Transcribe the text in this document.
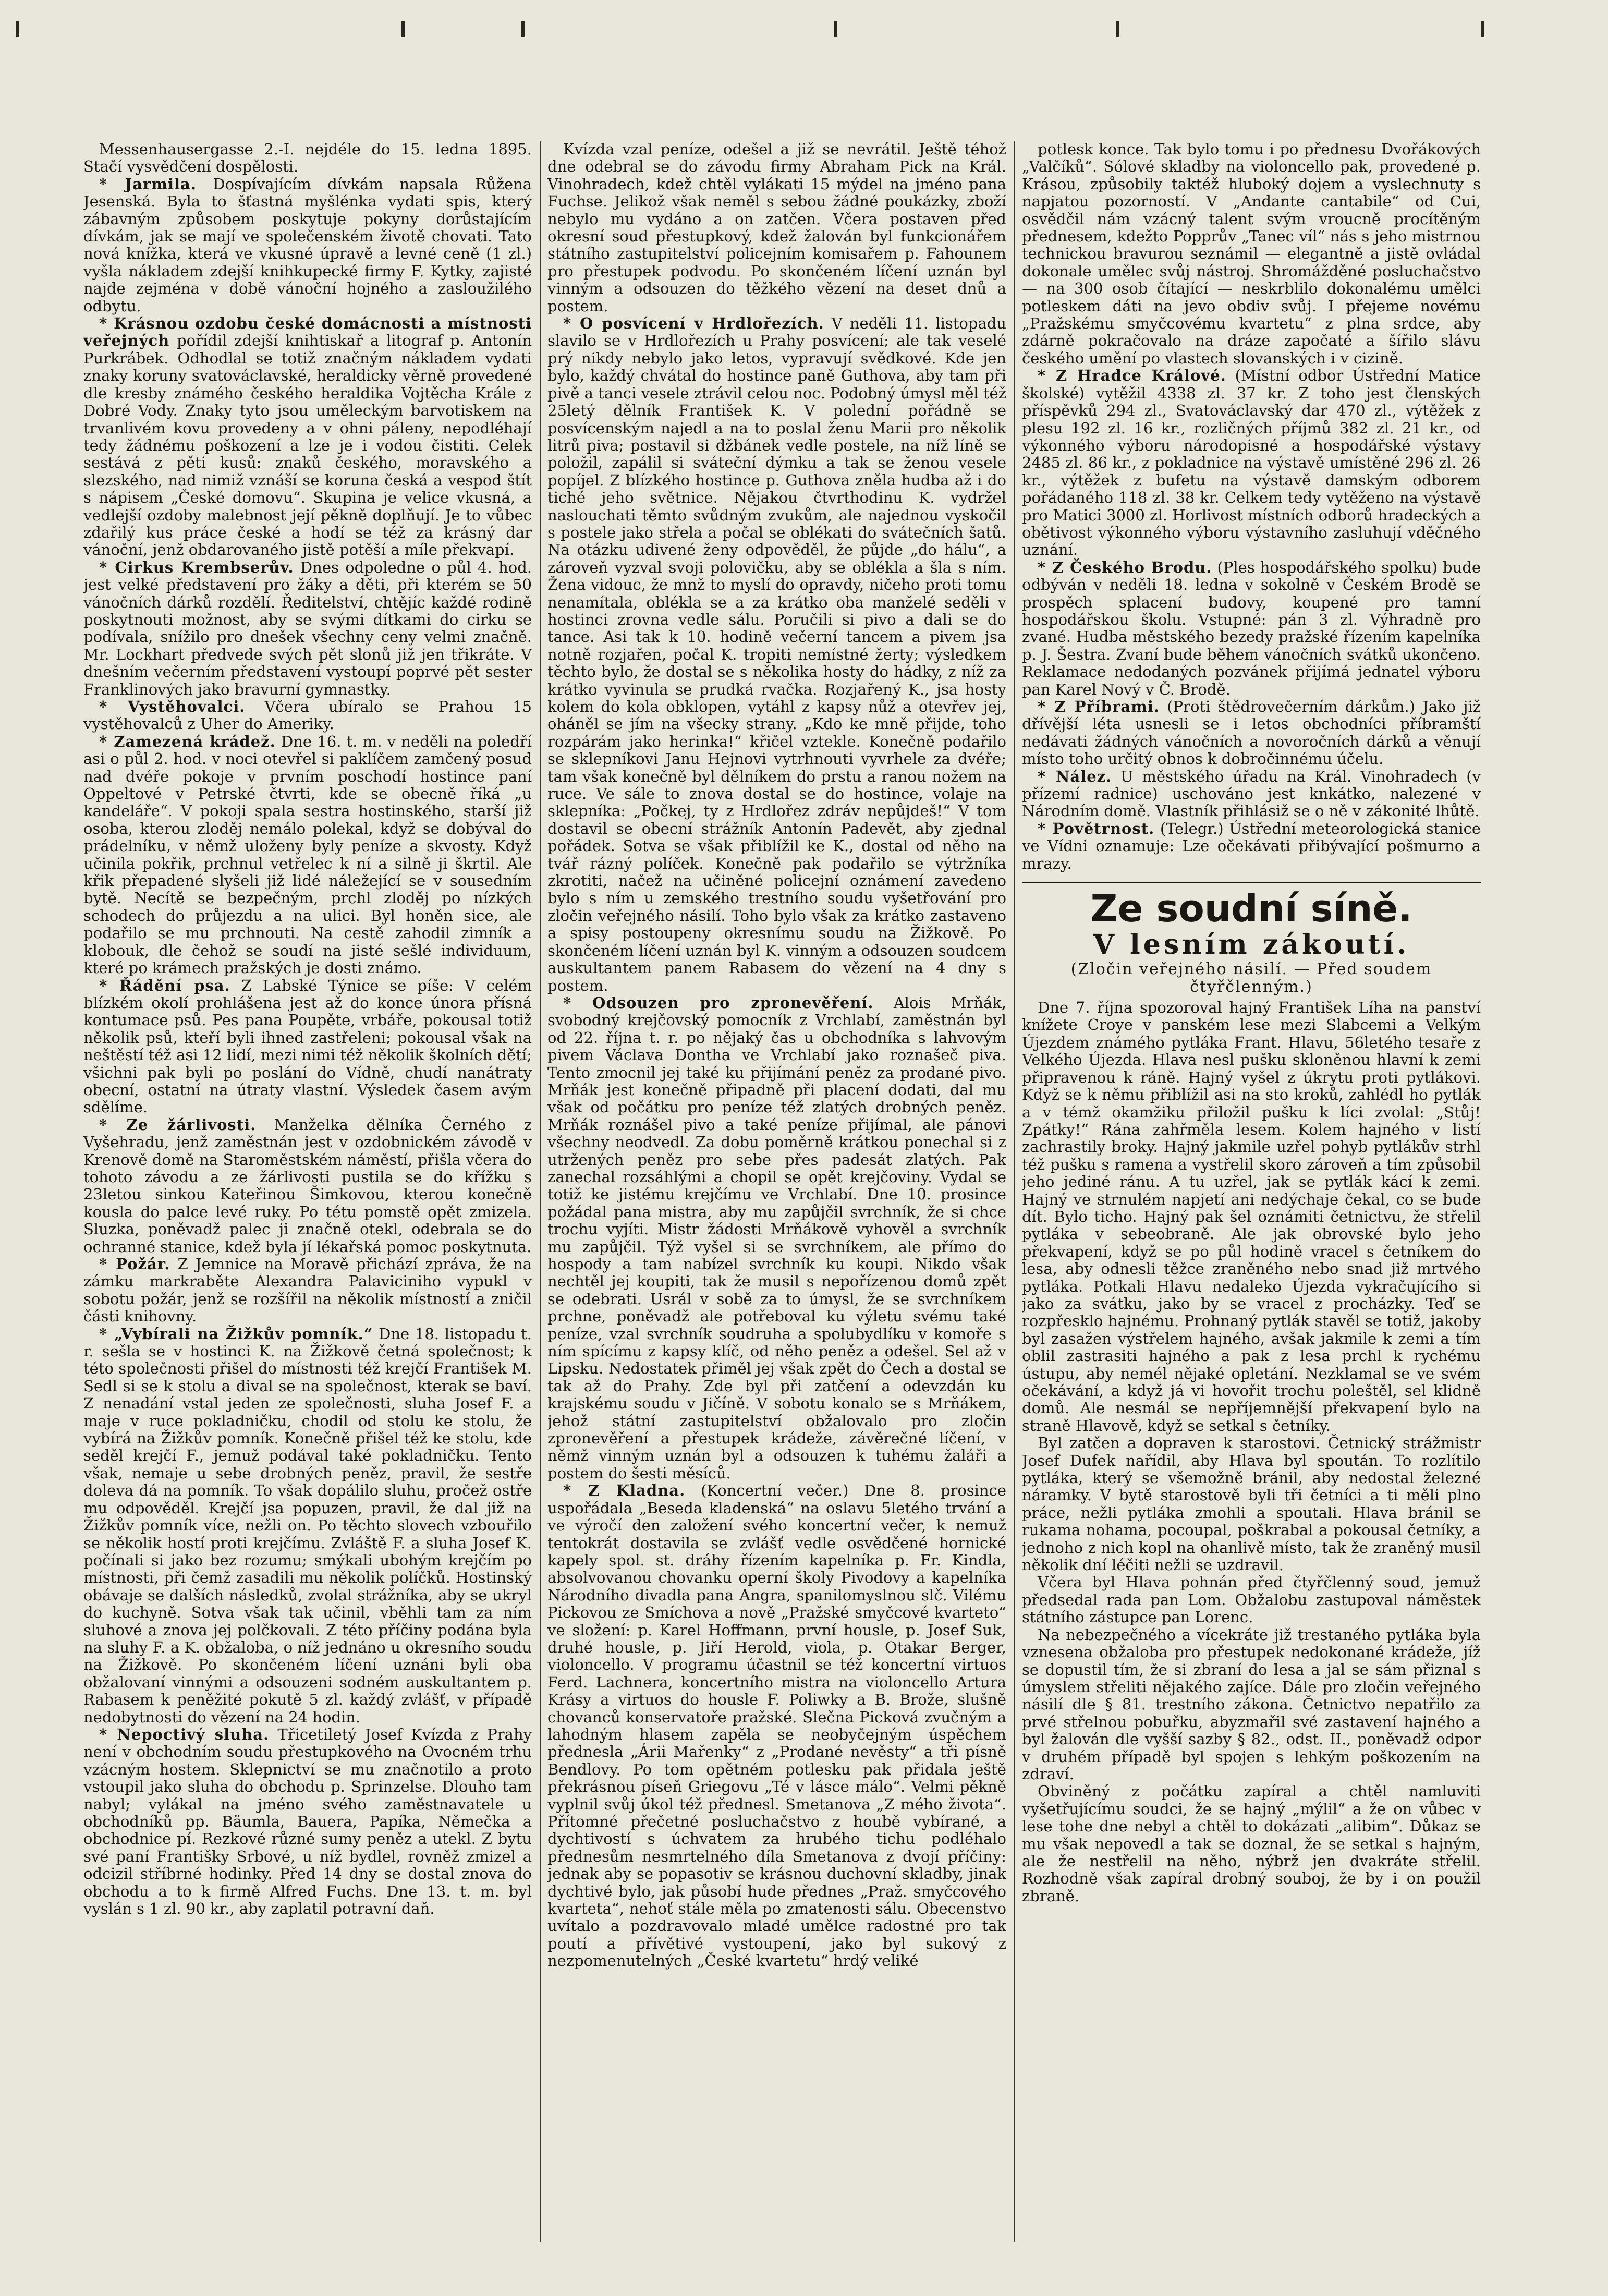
Messenhausergasse 2.-I. nejdéle do 15. ledna 1895. Stačí vysvědčení dospělosti.

* Jarmila. Dospívajícím dívkám napsala Růžena Jesenská. Byla to šťastná myšlénka vydati spis, který zábavným způsobem poskytuje pokyny dorůstajícím dívkám, jak se mají ve společenském životě chovati. Tato nová knížka, která ve vkusné úpravě a levné ceně (1 zl.) vyšla nákladem zdejší knihkupecké firmy F. Kytky, zajisté najde zejména v době vánoční hojného a zasloužilého odbytu.

* Krásnou ozdobu české domácnosti a místnosti veřejných pořídil zdejší knihtiskař a litograf p. Antonín Purkrábek. Odhodlal se totiž značným nákladem vydati znaky koruny svatováclavské, heraldicky věrně provedené dle kresby známého českého heraldika Vojtěcha Krále z Dobré Vody. Znaky tyto jsou uměleckým barvotiskem na trvanlivém kovu provedeny a v ohni páleny, nepodléhají tedy žádnému poškození a lze je i vodou čistiti. Celek sestává z pěti kusů: znaků českého, moravského a slezského, nad nimiž vznáší se koruna česká a vespod štít s nápisem „České domovu“. Skupina je velice vkusná, a vedlejší ozdoby malebnost její pěkně doplňují. Je to vůbec zdařilý kus práce české a hodí se též za krásný dar vánoční, jenž obdarovaného jistě potěší a míle překvapí.

* Cirkus Krembserův. Dnes odpoledne o půl 4. hod. jest velké představení pro žáky a děti, při kterém se 50 vánočních dárků rozdělí. Ředitelství, chtějíc každé rodině poskytnouti možnost, aby se svými dítkami do cirku se podívala, snížilo pro dnešek všechny ceny velmi značně. Mr. Lockhart předvede svých pět slonů již jen třikráte. V dnešním večerním představení vystoupí poprvé pět sester Franklinových jako bravurní gymnastky.

* Vystěhovalci. Včera ubíralo se Prahou 15 vystěhovalců z Uher do Ameriky.

* Zamezená krádež. Dne 16. t. m. v neděli na poledří asi o půl 2. hod. v noci otevřel si paklíčem zamčený posud nad dvéře pokoje v prvním poschodí hostince paní Oppeltové v Petrské čtvrti, kde se obecně říká „u kandeláře“. V pokoji spala sestra hostinského, starší již osoba, kterou zloděj nemálo polekal, když se dobýval do prádelníku, v němž uloženy byly peníze a skvosty. Když učinila pokřik, prchnul vetřelec k ní a silně ji škrtil. Ale křik přepadené slyšeli již lidé náležející se v sousedním bytě. Necítě se bezpečným, prchl zloděj po nízkých schodech do průjezdu a na ulici. Byl honěn sice, ale podařilo se mu prchnouti. Na cestě zahodil zimník a klobouk, dle čehož se soudí na jisté sešlé individuum, které po krámech pražských je dosti známo.

* Řádění psa. Z Labské Týnice se píše: V celém blízkém okolí prohlášena jest až do konce února přísná kontumace psů. Pes pana Poupěte, vrbáře, pokousal totiž několik psů, kteří byli ihned zastřeleni; pokousal však na neštěstí též asi 12 lidí, mezi nimi též několik školních dětí; všichni pak byli po poslání do Vídně, chudí nanátraty obecní, ostatní na útraty vlastní. Výsledek časem avým sdělíme.

* Ze žárlivosti. Manželka dělníka Černého z Vyšehradu, jenž zaměstnán jest v ozdobnickém závodě v Krenově domě na Staroměstském náměstí, přišla včera do tohoto závodu a ze žárlivosti pustila se do křížku s 23letou sinkou Kateřinou Šimkovou, kterou konečně kousla do palce levé ruky. Po tétu pomstě opět zmizela. Sluzka, poněvadž palec ji značně otekl, odebrala se do ochranné stanice, kdež byla jí lékařská pomoc poskytnuta.

* Požár. Z Jemnice na Moravě přichází zpráva, že na zámku markraběte Alexandra Palaviciniho vypukl v sobotu požár, jenž se rozšířil na několik místností a zničil části knihovny.

* „Vybírali na Žižkův pomník.“ Dne 18. listopadu t. r. sešla se v hostinci K. na Žižkově četná společnost; k této společnosti přišel do místnosti též krejčí František M. Sedl si se k stolu a dival se na společnost, kterak se baví. Z nenadání vstal jeden ze společnosti, sluha Josef F. a maje v ruce pokladničku, chodil od stolu ke stolu, že vybírá na Žižkův pomník. Konečně přišel též ke stolu, kde seděl krejčí F., jemuž podával také pokladničku. Tento však, nemaje u sebe drobných peněz, pravil, že sestře doleva dá na pomník. To však dopálilo sluhu, pročež ostře mu odpověděl. Krejčí jsa popuzen, pravil, že dal již na Žižkův pomník více, nežli on. Po těchto slovech vzbouřilo se několik hostí proti krejčímu. Zvláště F. a sluha Josef K. počínali si jako bez rozumu; smýkali ubohým krejčím po místnosti, při čemž zasadili mu několik políčků. Hostinský obávaje se dalších následků, zvolal strážníka, aby se ukryl do kuchyně. Sotva však tak učinil, vběhli tam za ním sluhové a znova jej polčkovali. Z této příčiny podána byla na sluhy F. a K. obžaloba, o níž jednáno u okresního soudu na Žižkově. Po skončeném líčení uznáni byli oba obžalovaní vinnými a odsouzeni sodném auskultantem p. Rabasem k peněžité pokutě 5 zl. každý zvlášť, v případě nedobytnosti do vězení na 24 hodin.

* Nepoctivý sluha. Třicetiletý Josef Kvízda z Prahy není v obchodním soudu přestupkového na Ovocném trhu vzácným hostem. Sklepnictví se mu značnotilo a proto vstoupil jako sluha do obchodu p. Sprinzelse. Dlouho tam nabyl; vylákal na jméno svého zaměstnavatele u obchodníků pp. Bäumla, Bauera, Papíka, Němečka a obchodnice pí. Rezkové různé sumy peněz a utekl. Z bytu své paní Františky Srbové, u níž bydlel, rovněž zmizel a odcizil stříbrné hodinky. Před 14 dny se dostal znova do obchodu a to k firmě Alfred Fuchs. Dne 13. t. m. byl vyslán s 1 zl. 90 kr., aby zaplatil potravní daň.

Kvízda vzal peníze, odešel a již se nevrátil. Ještě téhož dne odebral se do závodu firmy Abraham Pick na Král. Vinohradech, kdež chtěl vylákati 15 mýdel na jméno pana Fuchse. Jelikož však neměl s sebou žádné poukázky, zboží nebylo mu vydáno a on zatčen. Včera postaven před okresní soud přestupkový, kdež žalován byl funkcionářem státního zastupitelství policejním komisařem p. Fahounem pro přestupek podvodu. Po skončeném líčení uznán byl vinným a odsouzen do těžkého vězení na deset dnů a postem.

* O posvícení v Hrdlořezích. V neděli 11. listopadu slavilo se v Hrdlořezích u Prahy posvícení; ale tak veselé prý nikdy nebylo jako letos, vypravují svědkové. Kde jen bylo, každý chvátal do hostince paně Guthova, aby tam při pivě a tanci vesele ztrávil celou noc. Podobný úmysl měl též 25letý dělník František K. V polední pořádně se posvícenským najedl a na to poslal ženu Marii pro několik litrů piva; postavil si džbánek vedle postele, na níž líně se položil, zapálil si sváteční dýmku a tak se ženou vesele popíjel. Z blízkého hostince p. Guthova zněla hudba až i do tiché jeho světnice. Nějakou čtvrthodinu K. vydržel naslouchati těmto svůdným zvukům, ale najednou vyskočil s postele jako střela a počal se oblékati do svátečních šatů. Na otázku udivené ženy odpověděl, že půjde „do hálu“, a zároveň vyzval svoji polovičku, aby se oblékla a šla s ním. Žena vidouc, že mnž to myslí do opravdy, ničeho proti tomu nenamítala, oblékla se a za krátko oba manželé seděli v hostinci zrovna vedle sálu. Poručili si pivo a dali se do tance. Asi tak k 10. hodině večerní tancem a pivem jsa notně rozjařen, počal K. tropiti nemístné žerty; výsledkem těchto bylo, že dostal se s několika hosty do hádky, z níž za krátko vyvinula se prudká rvačka. Rozjařený K., jsa hosty kolem do kola obklopen, vytáhl z kapsy nůž a otevřev jej, oháněl se jím na všecky strany. „Kdo ke mně přijde, toho rozpárám jako herinka!“ křičel vztekle. Konečně podařilo se sklepníkovi Janu Hejnovi vytrhnouti vyvrhele za dvéře; tam však konečně byl dělníkem do prstu a ranou nožem na ruce. Ve sále to znova dostal se do hostince, volaje na sklepníka: „Počkej, ty z Hrdlořez zdráv nepůjdeš!“ V tom dostavil se obecní strážník Antonín Padevět, aby zjednal pořádek. Sotva se však přiblížil ke K., dostal od něho na tvář rázný políček. Konečně pak podařilo se výtržníka zkrotiti, načež na učiněné policejní oznámení zavedeno bylo s ním u zemského trestního soudu vyšetřování pro zločin veřejného násilí. Toho bylo však za krátko zastaveno a spisy postoupeny okresnímu soudu na Žižkově. Po skončeném líčení uznán byl K. vinným a odsouzen soudcem auskultantem panem Rabasem do vězení na 4 dny s postem.

* Odsouzen pro zpronevěření. Alois Mrňák, svobodný krejčovský pomocník z Vrchlabí, zaměstnán byl od 22. října t. r. po nějaký čas u obchodníka s lahvovým pivem Václava Dontha ve Vrchlabí jako roznašeč piva. Tento zmocnil jej také ku přijímání peněz za prodané pivo. Mrňák jest konečně připadně při placení dodati, dal mu však od počátku pro peníze též zlatých drobných peněz. Mrňák roznášel pivo a také peníze přijímal, ale pánovi všechny neodvedl. Za dobu poměrně krátkou ponechal si z utržených peněz pro sebe přes padesát zlatých. Pak zanechal rozsáhlými a chopil se opět krejčoviny. Vydal se totiž ke jistému krejčímu ve Vrchlabí. Dne 10. prosince požádal pana mistra, aby mu zapůjčil svrchník, že si chce trochu vyjíti. Mistr žádosti Mrňákově vyhověl a svrchník mu zapůjčil. Týž vyšel si se svrchníkem, ale přímo do hospody a tam nabízel svrchník ku koupi. Nikdo však nechtěl jej koupiti, tak že musil s nepořízenou domů zpět se odebrati. Usrál v sobě za to úmysl, že se svrchníkem prchne, poněvadž ale potřeboval ku výletu svému také peníze, vzal svrchník soudruha a spolubydlíku v komoře s ním spícímu z kapsy klíč, od něho peněz a odešel. Sel až v Lipsku. Nedostatek přiměl jej však zpět do Čech a dostal se tak až do Prahy. Zde byl při zatčení a odevzdán ku krajskému soudu v Jičíně. V sobotu konalo se s Mrňákem, jehož státní zastupitelství obžalovalo pro zločin zpronevěření a přestupek krádeže, závěrečné líčení, v němž vinným uznán byl a odsouzen k tuhému žaláři a postem do šesti měsíců.

* Z Kladna. (Koncertní večer.) Dne 8. prosince uspořádala „Beseda kladenská“ na oslavu 5letého trvání a ve výročí den založení svého koncertní večer, k nemuž tentokrát dostavila se zvlášť vedle osvědčené hornické kapely spol. st. dráhy řízením kapelníka p. Fr. Kindla, absolvovanou chovanku operní školy Pivodovy a kapelníka Národního divadla pana Angra, spanilomyslnou slč. Vilému Pickovou ze Smíchova a nově „Pražské smyčcové kvarteto“ ve složení: p. Karel Hoffmann, první housle, p. Josef Suk, druhé housle, p. Jiří Herold, viola, p. Otakar Berger, violoncello. V programu účastnil se též koncertní virtuos Ferd. Lachnera, koncertního mistra na violoncello Artura Krásy a virtuos do housle F. Poliwky a B. Brože, slušně chovanců konservatoře pražské. Slečna Picková zvučným a lahodným hlasem zapěla se neobyčejným úspěchem přednesla „Árii Mařenky“ z „Prodané nevěsty“ a tři písně Bendlovy. Po tom opětném potlesku pak přidala ještě překrásnou píseň Griegovu „Té v lásce málo“. Velmi pěkně vyplnil svůj úkol též přednesl. Smetanova „Z mého života“. Přítomné přečetné posluchačstvo z houbě vybírané, a dychtivostí s úchvatem za hrubého tichu podléhalo přednesům nesmrtelného díla Smetanova z dvojí příčiny: jednak aby se popasotiv se krásnou duchovní skladby, jinak dychtivé bylo, jak působí hude přednes „Praž. smyčcového kvarteta“, nehoť stále měla po zmatenosti sálu. Obecenstvo uvítalo a pozdravovalo mladé umělce radostné pro tak poutí a přívětivé vystoupení, jako byl sukový z nezpomenutelných „České kvartetu“ hrdý veliké

potlesk konce. Tak bylo tomu i po přednesu Dvořákových „Valčíků“. Sólové skladby na violoncello pak, provedené p. Krásou, způsobily taktéž hluboký dojem a vyslechnuty s napjatou pozorností. V „Andante cantabile“ od Cui, osvědčil nám vzácný talent svým vroucně procítěným přednesem, kdežto Popprův „Tanec víl“ nás s jeho mistrnou technickou bravurou seznámil — elegantně a jistě ovládal dokonale umělec svůj nástroj. Shromážděné posluchačstvo — na 300 osob čítající — neskrblilo dokonalému umělci potleskem dáti na jevo obdiv svůj. I přejeme novému „Pražskému smyčcovému kvartetu“ z plna srdce, aby zdárně pokračovalo na dráze započaté a šířilo slávu českého umění po vlastech slovanských i v cizině.

* Z Hradce Králové. (Místní odbor Ústřední Matice školské) vytěžil 4338 zl. 37 kr. Z toho jest členských příspěvků 294 zl., Svatováclavský dar 470 zl., výtěžek z plesu 192 zl. 16 kr., rozličných příjmů 382 zl. 21 kr., od výkonného výboru národopisné a hospodářské výstavy 2485 zl. 86 kr., z pokladnice na výstavě umístěné 296 zl. 26 kr., výtěžek z bufetu na výstavě damským odborem pořádaného 118 zl. 38 kr. Celkem tedy vytěženo na výstavě pro Matici 3000 zl. Horlivost místních odborů hradeckých a obětivost výkonného výboru výstavního zasluhují vděčného uznání.

* Z Českého Brodu. (Ples hospodářského spolku) bude odbýván v neděli 18. ledna v sokolně v Českém Brodě se prospěch splacení budovy, koupené pro tamní hospodářskou školu. Vstupné: pán 3 zl. Výhradně pro zvané. Hudba městského bezedy pražské řízením kapelníka p. J. Šestra. Zvaní bude během vánočních svátků ukončeno. Reklamace nedodaných pozvánek přijímá jednatel výboru pan Karel Nový v Č. Brodě.

* Z Příbrami. (Proti štědrovečerním dárkům.) Jako již dřívější léta usnesli se i letos obchodníci příbramští nedávati žádných vánočních a novoročních dárků a věnují místo toho určitý obnos k dobročinnému účelu.

* Nález. U městského úřadu na Král. Vinohradech (v přízemí radnice) uschováno jest knkátko, nalezené v Národním domě. Vlastník přihlásiž se o ně v zákonité lhůtě.

* Povětrnost. (Telegr.) Ústřední meteorologická stanice ve Vídni oznamuje: Lze očekávati přibývající pošmurno a mrazy.

Ze soudní síně.
V lesním zákoutí.
(Zločin veřejného násilí. — Před soudem čtyřčlenným.)

Dne 7. října spozoroval hajný František Líha na panství knížete Croye v panském lese mezi Slabcemi a Velkým Újezdem známého pytláka Frant. Hlavu, 56letého tesaře z Velkého Újezda. Hlava nesl pušku skloněnou hlavní k zemi připravenou k ráně. Hajný vyšel z úkrytu proti pytlákovi. Když se k němu přiblížil asi na sto kroků, zahlédl ho pytlák a v témž okamžiku přiložil pušku k líci zvolal: „Stůj! Zpátky!“ Rána zahřměla lesem. Kolem hajného v listí zachrastily broky. Hajný jakmile uzřel pohyb pytlákův strhl též pušku s ramena a vystřelil skoro zároveň a tím způsobil jeho jediné ránu. A tu uzřel, jak se pytlák kácí k zemi. Hajný ve strnulém napjetí ani nedýchaje čekal, co se bude dít. Bylo ticho. Hajný pak šel oznámiti četnictvu, že střelil pytláka v sebeobraně. Ale jak obrovské bylo jeho překvapení, když se po půl hodině vracel s četníkem do lesa, aby odnesli těžce zraněného nebo snad již mrtvého pytláka. Potkali Hlavu nedaleko Újezda vykračujícího si jako za svátku, jako by se vracel z procházky. Teď se rozpřesklo hajnému. Prohnaný pytlák stavěl se totiž, jakoby byl zasažen výstřelem hajného, avšak jakmile k zemi a tím oblil zastrasiti hajného a pak z lesa prchl k rychému ústupu, aby nemél nějaké opletání. Nezklamal se ve svém očekávání, a když já vi hovořit trochu poleštěl, sel klidně domů. Ale nesmál se nepříjemnější překvapení bylo na straně Hlavově, když se setkal s četníky.

Byl zatčen a dopraven k starostovi. Četnický strážmistr Josef Dufek nařídil, aby Hlava byl spoután. To rozlítilo pytláka, který se všemožně bránil, aby nedostal železné náramky. V bytě starostově byli tři četníci a ti měli plno práce, nežli pytláka zmohli a spoutali. Hlava bránil se rukama nohama, pocoupal, poškrabal a pokousal četníky, a jednoho z nich kopl na ohanlivě místo, tak že zraněný musil několik dní léčiti nežli se uzdravil.

Včera byl Hlava pohnán před čtyřčlenný soud, jemuž předsedal rada pan Lom. Obžalobu zastupoval náměstek státního zástupce pan Lorenc.

Na nebezpečného a vícekráte již trestaného pytláka byla vznesena obžaloba pro přestupek nedokonané krádeže, jíž se dopustil tím, že si zbraní do lesa a jal se sám přiznal s úmyslem střeliti nějakého zajíce. Dále pro zločin veřejného násilí dle § 81. trestního zákona. Četnictvo nepatřilo za prvé střelnou pobuřku, abyzmařil své zastavení hajného a byl žalován dle vyšší sazby § 82., odst. II., poněvadž odpor v druhém případě byl spojen s lehkým poškozením na zdraví.

Obviněný z počátku zapíral a chtěl namluviti vyšetřujícímu soudci, že se hajný „mýlil“ a že on vůbec v lese tohe dne nebyl a chtěl to dokázati „alibim“. Důkaz se mu však nepovedl a tak se doznal, že se setkal s hajným, ale že nestřelil na něho, nýbrž jen dvakráte střelil. Rozhodně však zapíral drobný souboj, že by i on použil zbraně.
